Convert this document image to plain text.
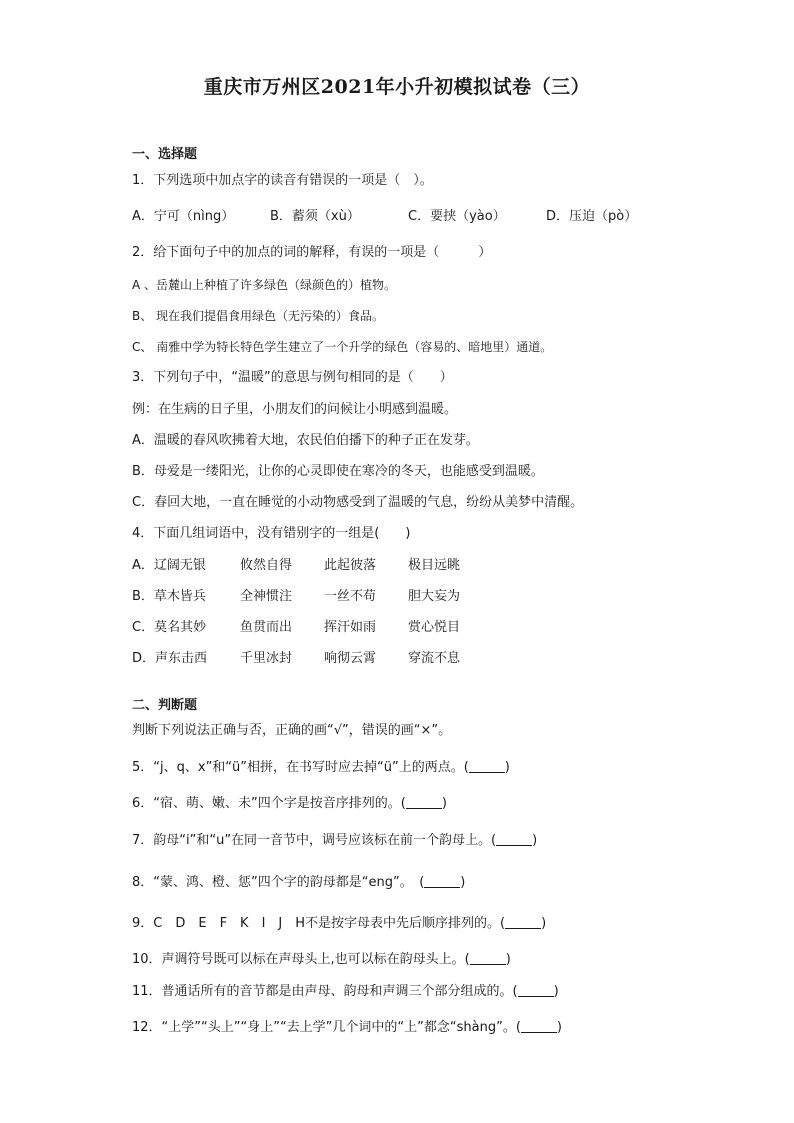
重庆市万州区2021年小升初模拟试卷（三）
一、选择题
1．下列选项中加点字的读音有错误的一项是（　）。
A．宁可（nìng）	B．蓄须（xù）	C．要挟（yào）	D．压迫（pò）
2．给下面句子中的加点的词的解释，有误的一项是（　　　）
A 、岳麓山上种植了许多绿色（绿颜色的）植物。
B、 现在我们提倡食用绿色（无污染的）食品。
C、 南雅中学为特长特色学生建立了一个升学的绿色（容易的、暗地里）通道。
3．下列句子中，“温暖”的意思与例句相同的是（　　）
例：在生病的日子里，小朋友们的问候让小明感到温暖。
A．温暖的春风吹拂着大地，农民伯伯播下的种子正在发芽。
B．母爱是一缕阳光，让你的心灵即使在寒冷的冬天，也能感受到温暖。
C．春回大地，一直在睡觉的小动物感受到了温暖的气息，纷纷从美梦中清醒。
4．下面几组词语中，没有错别字的一组是(　　)
A．辽阔无银	攸然自得	此起彼落	极目远眺
B．草木皆兵	全神惯注	一丝不苟	胆大妄为
C．莫名其妙	鱼贯而出	挥汗如雨	赏心悦目
D．声东击西	千里冰封	响彻云霄	穿流不息
二、判断题
判断下列说法正确与否，正确的画“√”，错误的画“×”。
5．“j、q、x”和“ü”相拼，在书写时应去掉“ü”上的两点。(	)
6．“宿、萌、嫩、未”四个字是按音序排列的。(	)
7．韵母“i”和“u”在同一音节中，调号应该标在前一个韵母上。(	)
8．“蒙、鸿、橙、惩”四个字的韵母都是“eng”。　(	)
9．C　D　E　F　K　I　J　H不是按字母表中先后顺序排列的。(	)
10．声调符号既可以标在声母头上,也可以标在韵母头上。(	)
11．普通话所有的音节都是由声母、韵母和声调三个部分组成的。(	)
12．“上学”“头上”“身上”“去上学”几个词中的“上”都念“shàng”。(	)
